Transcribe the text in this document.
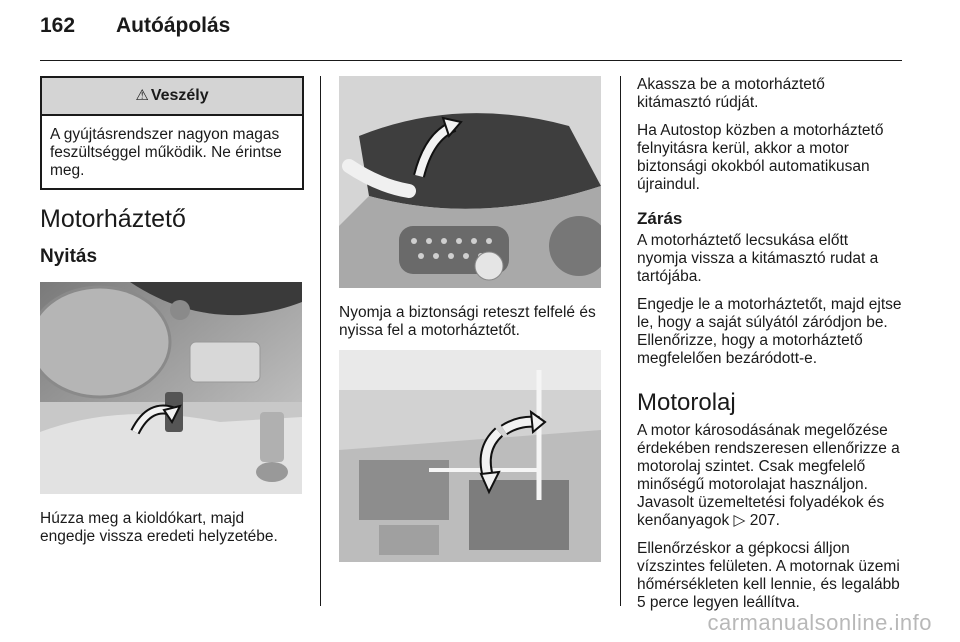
162 Autóápolás
⚠ Veszély
A gyújtásrendszer nagyon magas feszültséggel működik. Ne érintse meg.
Motorháztető
Nyitás

Húzza meg a kioldókart, majd engedje vissza eredeti helyzetébe.

Nyomja a biztonsági reteszt felfelé és nyissa fel a motorháztetőt.

Akassza be a motorháztető kitámasztó rúdját.

Ha Autostop közben a motorháztető felnyitásra kerül, akkor a motor biztonsági okokból automatikusan újraindul.

Zárás

A motorháztető lecsukása előtt nyomja vissza a kitámasztó rudat a tartójába.

Engedje le a motorháztetőt, majd ejtse le, hogy a saját súlyától záródjon be. Ellenőrizze, hogy a motorháztető megfelelően bezáródott-e.

Motorolaj

A motor károsodásának megelőzése érdekében rendszeresen ellenőrizze a motorolaj szintet. Csak megfelelő minőségű motorolajat használjon. Javasolt üzemeltetési folyadékok és kenőanyagok ▷ 207.

Ellenőrzéskor a gépkocsi álljon vízszintes felületen. A motornak üzemi hőmérsékleten kell lennie, és legalább 5 perce legyen leállítva.

carmanualsonline.info
